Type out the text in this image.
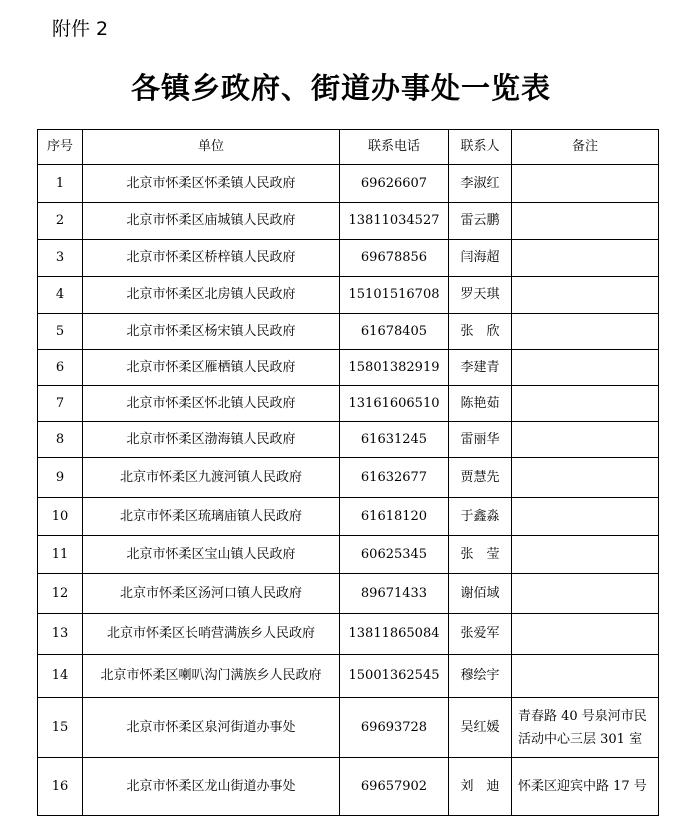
附件 2
各镇乡政府、街道办事处一览表
序号	单位	联系电话	联系人	备注
1	北京市怀柔区怀柔镇人民政府	69626607	李淑红	
2	北京市怀柔区庙城镇人民政府	13811034527	雷云鹏	
3	北京市怀柔区桥梓镇人民政府	69678856	闫海超	
4	北京市怀柔区北房镇人民政府	15101516708	罗天琪	
5	北京市怀柔区杨宋镇人民政府	61678405	张　欣	
6	北京市怀柔区雁栖镇人民政府	15801382919	李建青	
7	北京市怀柔区怀北镇人民政府	13161606510	陈艳茹	
8	北京市怀柔区渤海镇人民政府	61631245	雷丽华	
9	北京市怀柔区九渡河镇人民政府	61632677	贾慧先	
10	北京市怀柔区琉璃庙镇人民政府	61618120	于鑫淼	
11	北京市怀柔区宝山镇人民政府	60625345	张　莹	
12	北京市怀柔区汤河口镇人民政府	89671433	谢佰域	
13	北京市怀柔区长哨营满族乡人民政府	13811865084	张爱军	
14	北京市怀柔区喇叭沟门满族乡人民政府	15001362545	穆绘宇	
15	北京市怀柔区泉河街道办事处	69693728	吴红媛	青春路 40 号泉河市民活动中心三层 301 室
16	北京市怀柔区龙山街道办事处	69657902	刘　迪	怀柔区迎宾中路 17 号
